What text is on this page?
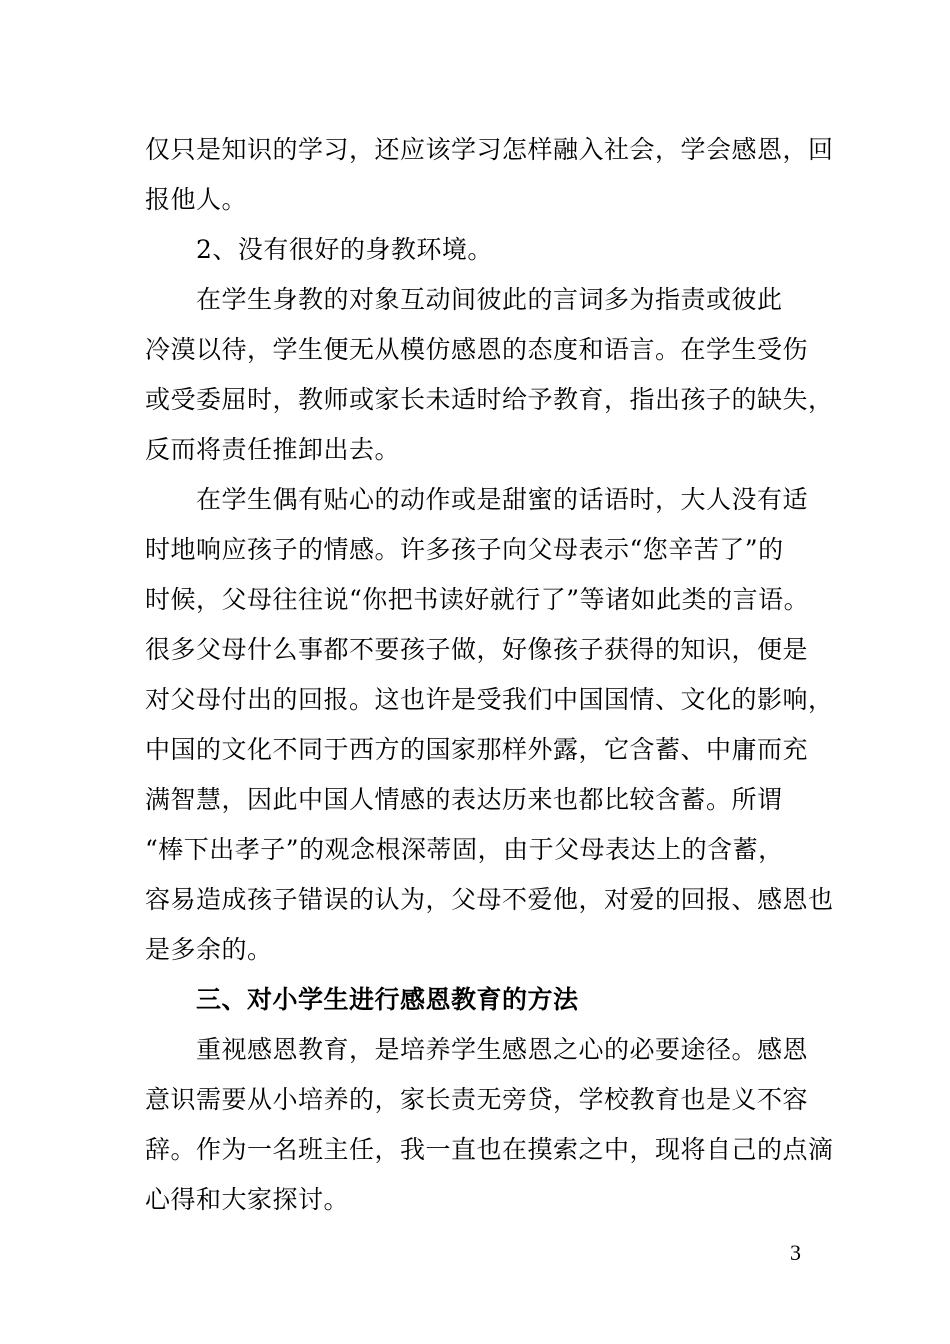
仅只是知识的学习，还应该学习怎样融入社会，学会感恩，回
报他人。
　　2、没有很好的身教环境。
　　在学生身教的对象互动间彼此的言词多为指责或彼此
冷漠以待，学生便无从模仿感恩的态度和语言。在学生受伤
或受委屈时，教师或家长未适时给予教育，指出孩子的缺失，
反而将责任推卸出去。
　　在学生偶有贴心的动作或是甜蜜的话语时，大人没有适
时地响应孩子的情感。许多孩子向父母表示“您辛苦了”的
时候，父母往往说“你把书读好就行了”等诸如此类的言语。
很多父母什么事都不要孩子做，好像孩子获得的知识，便是
对父母付出的回报。这也许是受我们中国国情、文化的影响，
中国的文化不同于西方的国家那样外露，它含蓄、中庸而充
满智慧，因此中国人情感的表达历来也都比较含蓄。所谓
“棒下出孝子”的观念根深蒂固，由于父母表达上的含蓄，
容易造成孩子错误的认为，父母不爱他，对爱的回报、感恩也
是多余的。
　　三、对小学生进行感恩教育的方法
　　重视感恩教育，是培养学生感恩之心的必要途径。感恩
意识需要从小培养的，家长责无旁贷，学校教育也是义不容
辞。作为一名班主任，我一直也在摸索之中，现将自己的点滴
心得和大家探讨。
3
